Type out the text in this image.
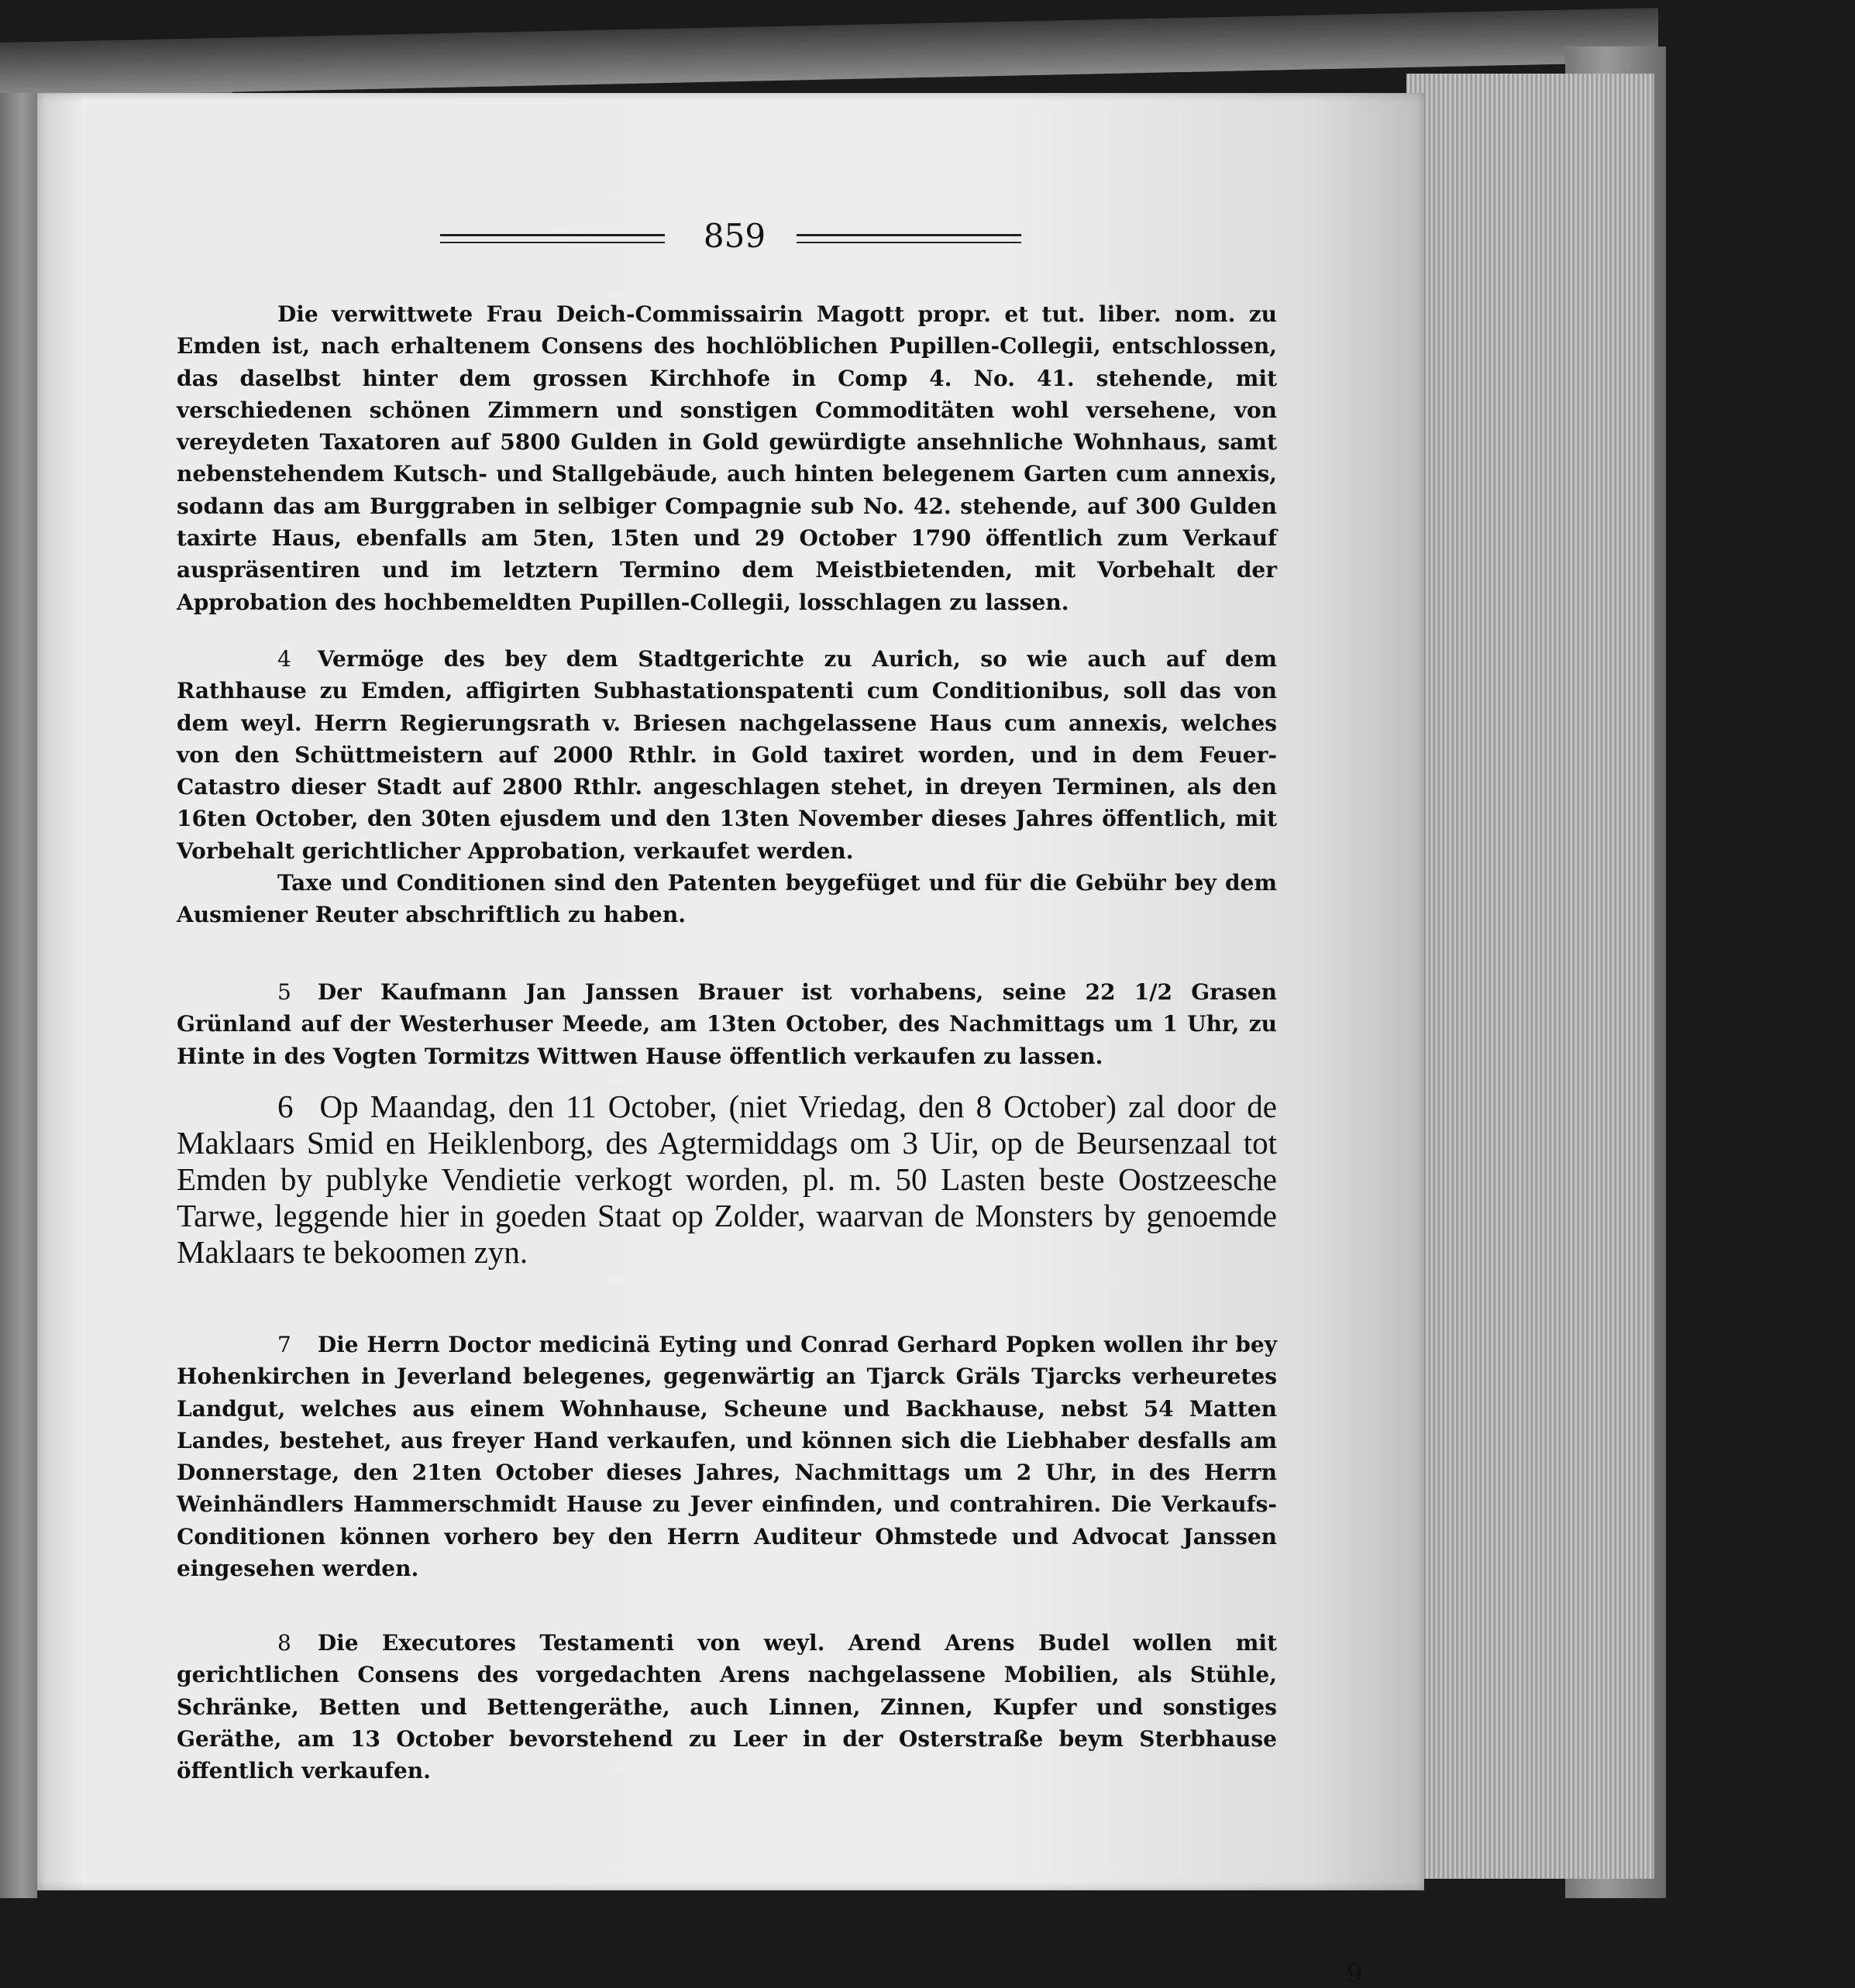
859

Die verwittwete Frau Deich-Commissairin Magott propr. et tut. liber. nom. zu Emden ist, nach erhaltenem Consens des hochlöblichen Pupillen-Collegii, entschlossen, das daselbst hinter dem grossen Kirchhofe in Comp 4. No. 41. stehende, mit verschiedenen schönen Zimmern und sonstigen Commoditäten wohl versehene, von vereydeten Taxatoren auf 5800 Gulden in Gold gewürdigte ansehnliche Wohnhaus, samt nebenstehendem Kutsch- und Stallgebäude, auch hinten belegenem Garten cum annexis, sodann das am Burggraben in selbiger Compagnie sub No. 42. stehende, auf 300 Gulden taxirte Haus, ebenfalls am 5ten, 15ten und 29 October 1790 öffentlich zum Verkauf auspräsentiren und im letztern Termino dem Meistbietenden, mit Vorbehalt der Approbation des hochbemeldten Pupillen-Collegii, losschlagen zu lassen.

4 Vermöge des bey dem Stadtgerichte zu Aurich, so wie auch auf dem Rathhause zu Emden, affigirten Subhastationspatenti cum Conditionibus, soll das von dem weyl. Herrn Regierungsrath v. Briesen nachgelassene Haus cum annexis, welches von den Schüttmeistern auf 2000 Rthlr. in Gold taxiret worden, und in dem Feuer-Catastro dieser Stadt auf 2800 Rthlr. angeschlagen stehet, in dreyen Terminen, als den 16ten October, den 30ten ejusdem und den 13ten November dieses Jahres öffentlich, mit Vorbehalt gerichtlicher Approbation, verkaufet werden.

Taxe und Conditionen sind den Patenten beygefüget und für die Gebühr bey dem Ausmiener Reuter abschriftlich zu haben.

5 Der Kaufmann Jan Janssen Brauer ist vorhabens, seine 22 1/2 Grasen Grünland auf der Westerhuser Meede, am 13ten October, des Nachmittags um 1 Uhr, zu Hinte in des Vogten Tormitzs Wittwen Hause öffentlich verkaufen zu lassen.

6 Op Maandag, den 11 October, (niet Vriedag, den 8 October) zal door de Maklaars Smid en Heiklenborg, des Agtermiddags om 3 Uir, op de Beursenzaal tot Emden by publyke Vendietie verkogt worden, pl. m. 50 Lasten beste Oostzeesche Tarwe, leggende hier in goeden Staat op Zolder, waarvan de Monsters by genoemde Maklaars te bekoomen zyn.

7 Die Herrn Doctor medicinä Eyting und Conrad Gerhard Popken wollen ihr bey Hohenkirchen in Jeverland belegenes, gegenwärtig an Tjarck Gräls Tjarcks verheuretes Landgut, welches aus einem Wohnhause, Scheune und Backhause, nebst 54 Matten Landes, bestehet, aus freyer Hand verkaufen, und können sich die Liebhaber desfalls am Donnerstage, den 21ten October dieses Jahres, Nachmittags um 2 Uhr, in des Herrn Weinhändlers Hammerschmidt Hause zu Jever einfinden, und contrahiren. Die Verkaufs-Conditionen können vorhero bey den Herrn Auditeur Ohmstede und Advocat Janssen eingesehen werden.

8 Die Executores Testamenti von weyl. Arend Arens Budel wollen mit gerichtlichen Consens des vorgedachten Arens nachgelassene Mobilien, als Stühle, Schränke, Betten und Bettengeräthe, auch Linnen, Zinnen, Kupfer und sonstiges Geräthe, am 13 October bevorstehend zu Leer in der Osterstraße beym Sterbhause öffentlich verkaufen.

9
